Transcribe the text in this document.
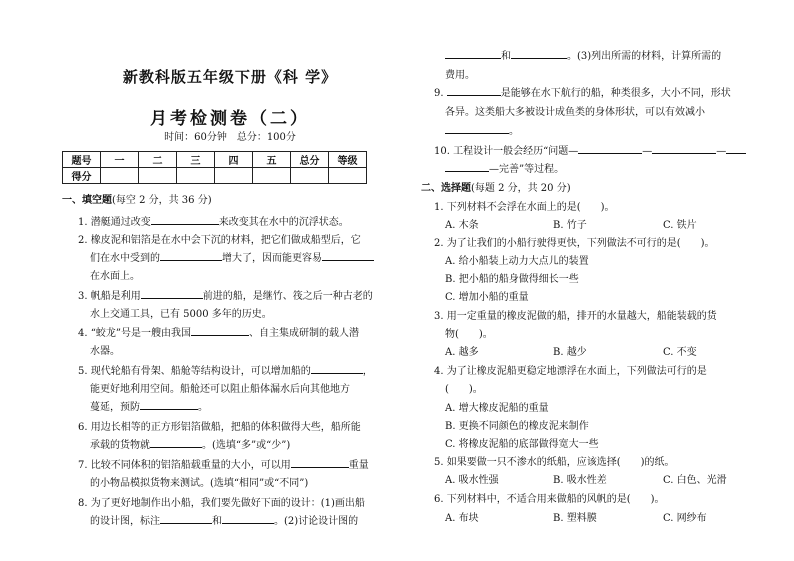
新教科版五年级下册《科 学》
月考检测卷（二）
时间：60分钟　总分：100分
题号	一	二	三	四	五	总分	等级
得分							
一、填空题(每空 2 分，共 36 分)
1. 潜艇通过改变	来改变其在水中的沉浮状态。
2. 橡皮泥和铝箔是在水中会下沉的材料，把它们做成船型后，它
们在水中受到的	增大了，因而能更容易
在水面上。
3. 帆船是利用	前进的船，是继竹、筏之后一种古老的
水上交通工具，已有 5000 多年的历史。
4. “蛟龙”号是一艘由我国	、自主集成研制的载人潜
水器。
5. 现代轮船有骨架、船舱等结构设计，可以增加船的	，
能更好地利用空间。船舱还可以阻止船体漏水后向其他地方
蔓延，预防	。
6. 用边长相等的正方形铝箔做船，把船的体积做得大些，船所能
承载的货物就	。(选填“多”或“少”)
7. 比较不同体积的铝箔船载重量的大小，可以用	重量
的小物品模拟货物来测试。(选填“相同”或“不同”)
8. 为了更好地制作出小船，我们要先做好下面的设计：(1)画出船
的设计图，标注	和	。(2)讨论设计图的
和	。(3)列出所需的材料，计算所需的
费用。
9.	是能够在水下航行的船，种类很多，大小不同，形状
各异。这类船大多被设计成鱼类的身体形状，可以有效减小
。
10. 工程设计一般会经历“问题—	—	—
—完善”等过程。
二、选择题(每题 2 分，共 20 分)
1. 下列材料不会浮在水面上的是(　　)。
A. 木条	B. 竹子	C. 铁片
2. 为了让我们的小船行驶得更快，下列做法不可行的是(　　)。
A. 给小船装上动力大点儿的装置
B. 把小船的船身做得细长一些
C. 增加小船的重量
3. 用一定重量的橡皮泥做的船，排开的水量越大，船能装载的货
物(　　)。
A. 越多	B. 越少	C. 不变
4. 为了让橡皮泥船更稳定地漂浮在水面上，下列做法可行的是
(　　)。
A. 增大橡皮泥船的重量
B. 更换不同颜色的橡皮泥来制作
C. 将橡皮泥船的底部做得宽大一些
5. 如果要做一只不渗水的纸船，应该选择(　　)的纸。
A. 吸水性强	B. 吸水性差	C. 白色、光滑
6. 下列材料中，不适合用来做船的风帆的是(　　)。
A. 布块	B. 塑料膜	C. 网纱布
